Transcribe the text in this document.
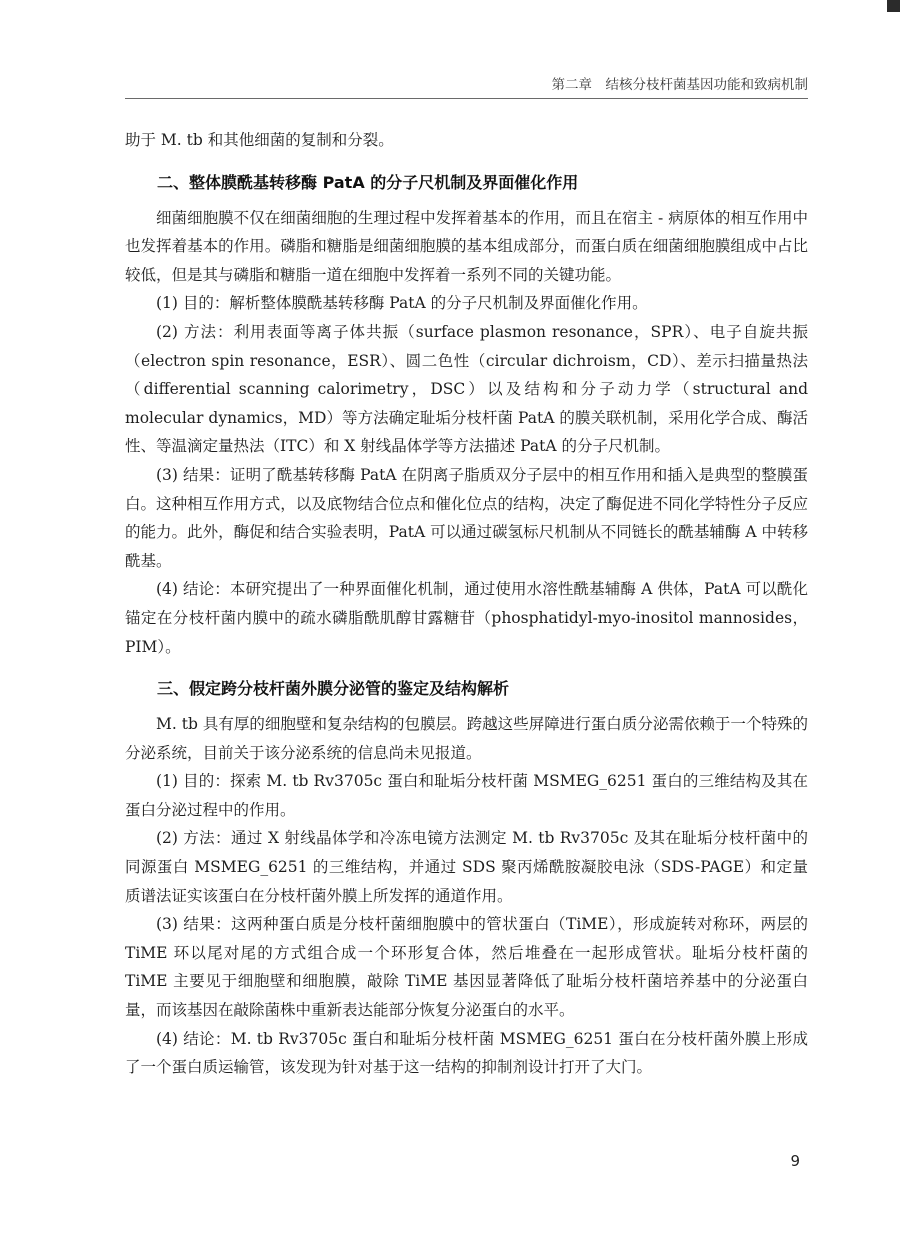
第二章　结核分枝杆菌基因功能和致病机制

助于 M. tb 和其他细菌的复制和分裂。

二、整体膜酰基转移酶 PatA 的分子尺机制及界面催化作用

细菌细胞膜不仅在细菌细胞的生理过程中发挥着基本的作用，而且在宿主 - 病原体的相互作用中也发挥着基本的作用。磷脂和糖脂是细菌细胞膜的基本组成部分，而蛋白质在细菌细胞膜组成中占比较低，但是其与磷脂和糖脂一道在细胞中发挥着一系列不同的关键功能。

(1) 目的：解析整体膜酰基转移酶 PatA 的分子尺机制及界面催化作用。

(2) 方法：利用表面等离子体共振（surface plasmon resonance，SPR）、电子自旋共振（electron spin resonance，ESR）、圆二色性（circular dichroism，CD）、差示扫描量热法（differential scanning calorimetry，DSC）以及结构和分子动力学（structural and molecular dynamics，MD）等方法确定耻垢分枝杆菌 PatA 的膜关联机制，采用化学合成、酶活性、等温滴定量热法（ITC）和 X 射线晶体学等方法描述 PatA 的分子尺机制。

(3) 结果：证明了酰基转移酶 PatA 在阴离子脂质双分子层中的相互作用和插入是典型的整膜蛋白。这种相互作用方式，以及底物结合位点和催化位点的结构，决定了酶促进不同化学特性分子反应的能力。此外，酶促和结合实验表明，PatA 可以通过碳氢标尺机制从不同链长的酰基辅酶 A 中转移酰基。

(4) 结论：本研究提出了一种界面催化机制，通过使用水溶性酰基辅酶 A 供体，PatA 可以酰化锚定在分枝杆菌内膜中的疏水磷脂酰肌醇甘露糖苷（phosphatidyl-myo-inositol mannosides，PIM）。

三、假定跨分枝杆菌外膜分泌管的鉴定及结构解析

M. tb 具有厚的细胞壁和复杂结构的包膜层。跨越这些屏障进行蛋白质分泌需依赖于一个特殊的分泌系统，目前关于该分泌系统的信息尚未见报道。

(1) 目的：探索 M. tb Rv3705c 蛋白和耻垢分枝杆菌 MSMEG_6251 蛋白的三维结构及其在蛋白分泌过程中的作用。

(2) 方法：通过 X 射线晶体学和冷冻电镜方法测定 M. tb Rv3705c 及其在耻垢分枝杆菌中的同源蛋白 MSMEG_6251 的三维结构，并通过 SDS 聚丙烯酰胺凝胶电泳（SDS-PAGE）和定量质谱法证实该蛋白在分枝杆菌外膜上所发挥的通道作用。

(3) 结果：这两种蛋白质是分枝杆菌细胞膜中的管状蛋白（TiME），形成旋转对称环，两层的 TiME 环以尾对尾的方式组合成一个环形复合体，然后堆叠在一起形成管状。耻垢分枝杆菌的 TiME 主要见于细胞壁和细胞膜，敲除 TiME 基因显著降低了耻垢分枝杆菌培养基中的分泌蛋白量，而该基因在敲除菌株中重新表达能部分恢复分泌蛋白的水平。

(4) 结论：M. tb Rv3705c 蛋白和耻垢分枝杆菌 MSMEG_6251 蛋白在分枝杆菌外膜上形成了一个蛋白质运输管，该发现为针对基于这一结构的抑制剂设计打开了大门。

9
